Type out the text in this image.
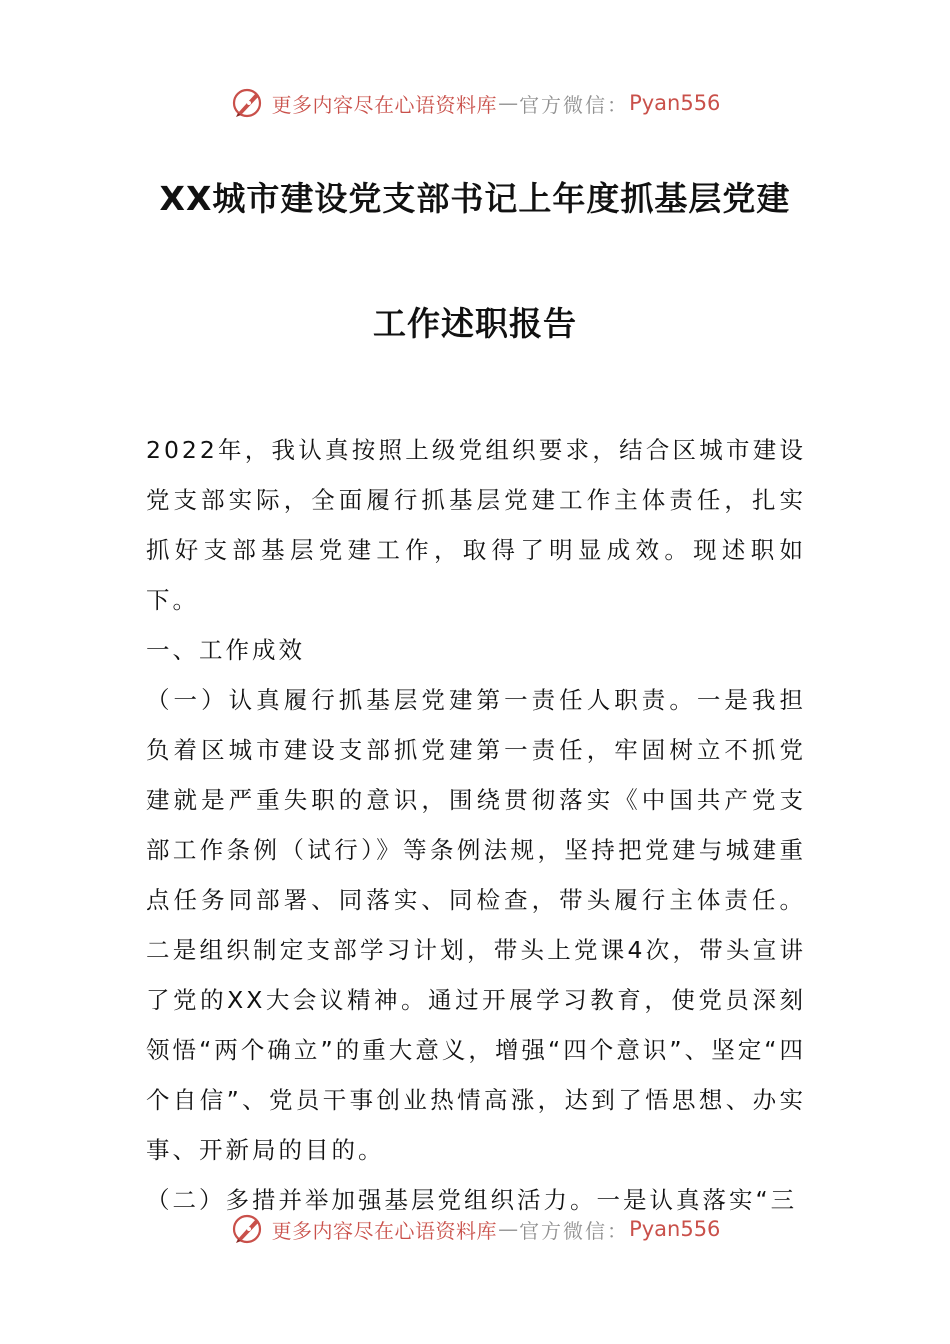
更多内容尽在心语资料库 — 官方微信： Pyan556
XX城市建设党支部书记上年度抓基层党建
工作述职报告

2022年，我认真按照上级党组织要求，结合区城市建设党支部实际，全面履行抓基层党建工作主体责任，扎实抓好支部基层党建工作，取得了明显成效。现述职如下。

一、工作成效

（一）认真履行抓基层党建第一责任人职责。一是我担负着区城市建设支部抓党建第一责任，牢固树立不抓党建就是严重失职的意识，围绕贯彻落实《中国共产党支部工作条例（试行）》等条例法规，坚持把党建与城建重点任务同部署、同落实、同检查，带头履行主体责任。二是组织制定支部学习计划，带头上党课4次，带头宣讲了党的XX大会议精神。通过开展学习教育，使党员深刻领悟“两个确立”的重大意义，增强“四个意识”、坚定“四个自信”、党员干事创业热情高涨，达到了悟思想、办实事、开新局的目的。

（二）多措并举加强基层党组织活力。一是认真落实“三

更多内容尽在心语资料库 — 官方微信： Pyan556
